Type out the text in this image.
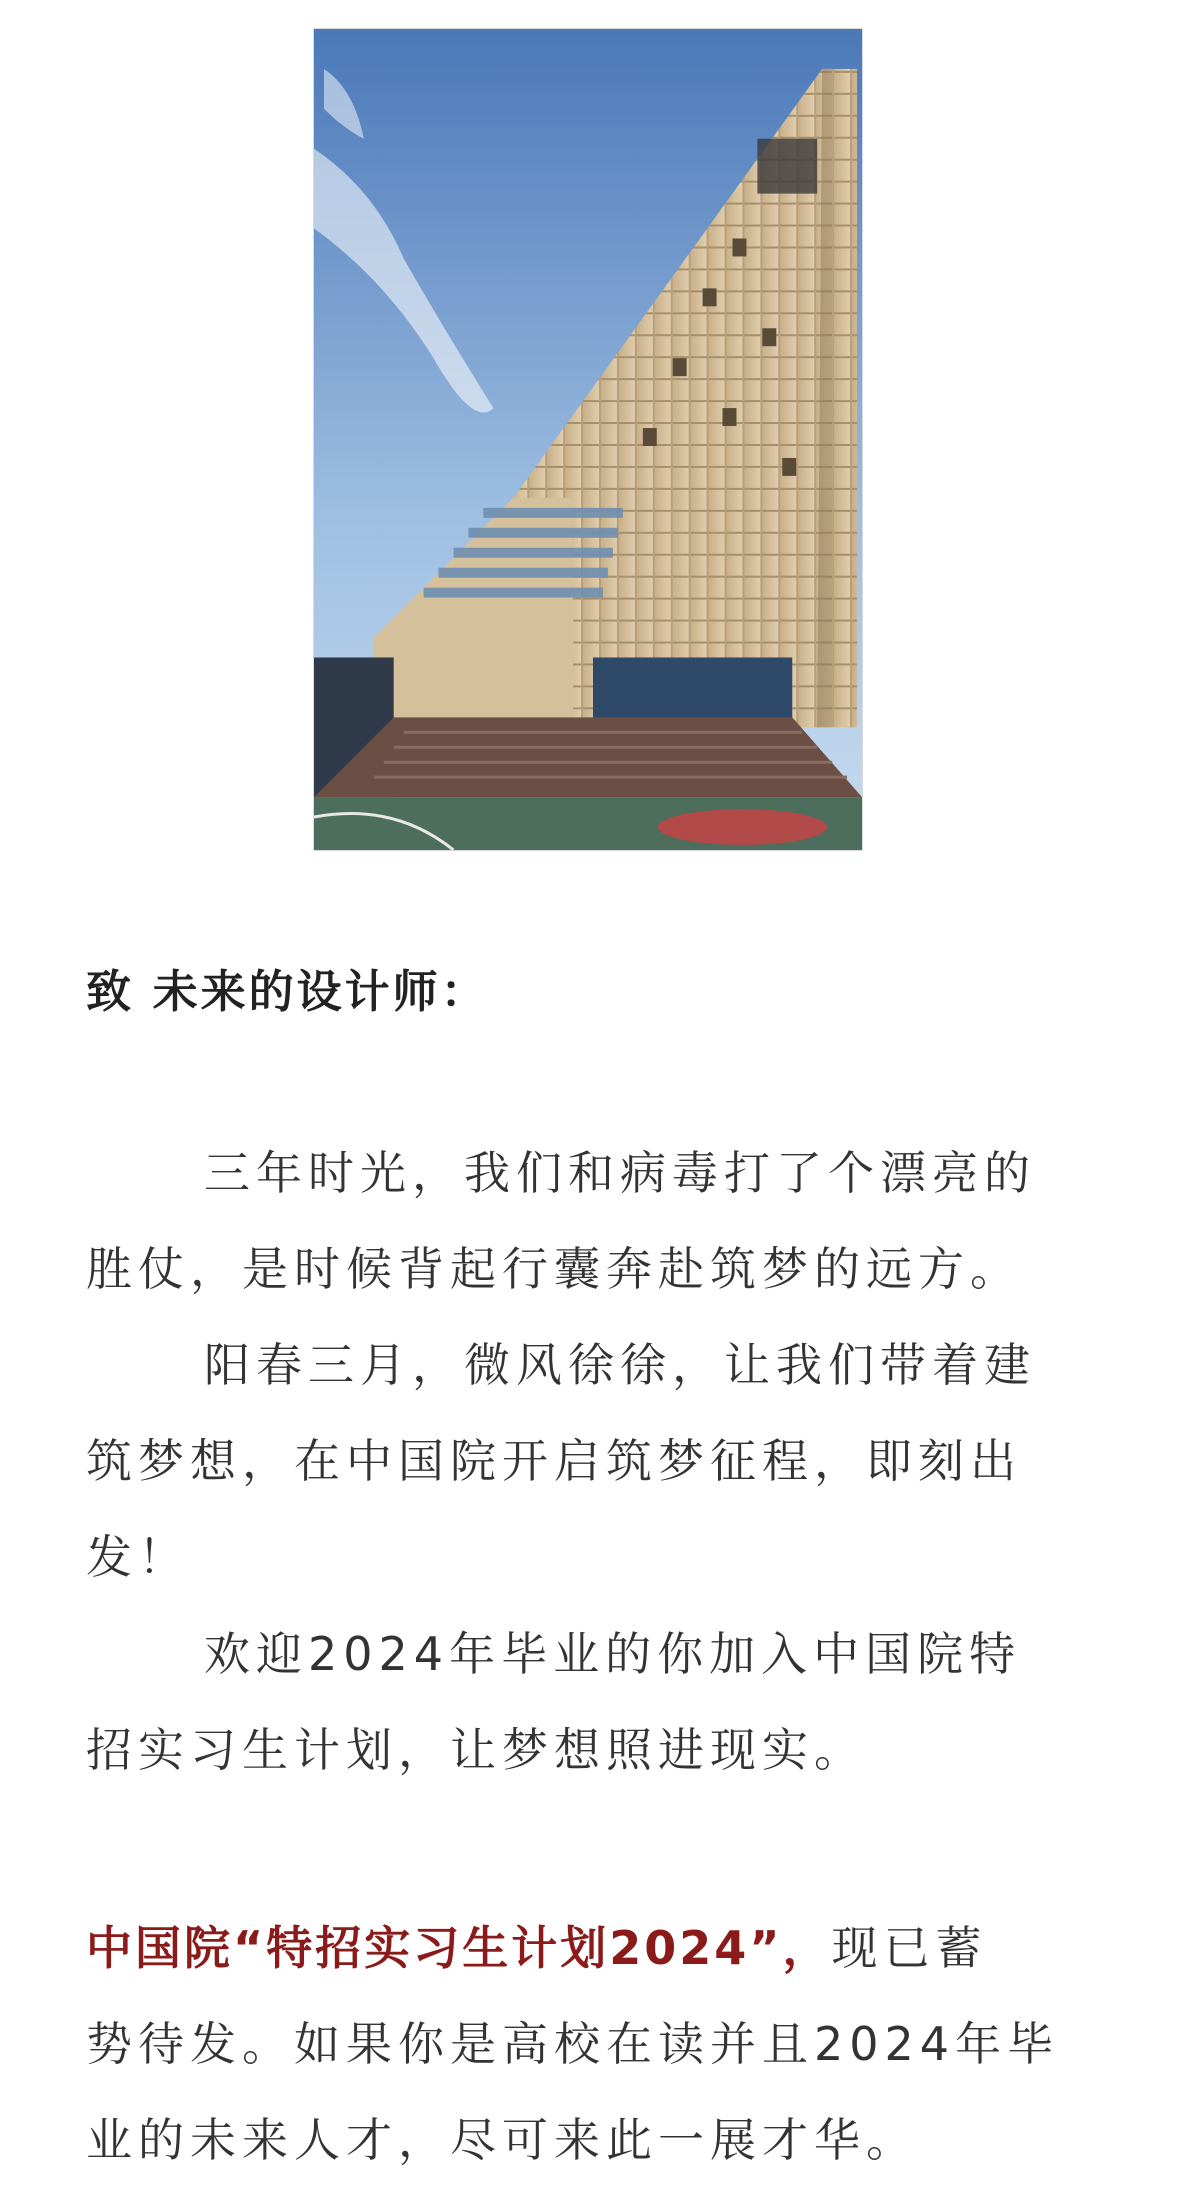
致 未来的设计师：

三年时光，我们和病毒打了个漂亮的
胜仗，是时候背起行囊奔赴筑梦的远方。

阳春三月，微风徐徐，让我们带着建
筑梦想，在中国院开启筑梦征程，即刻出
发！

欢迎2024年毕业的你加入中国院特
招实习生计划，让梦想照进现实。

中国院“特招实习生计划2024”，现已蓄
势待发。如果你是高校在读并且2024年毕
业的未来人才，尽可来此一展才华。
